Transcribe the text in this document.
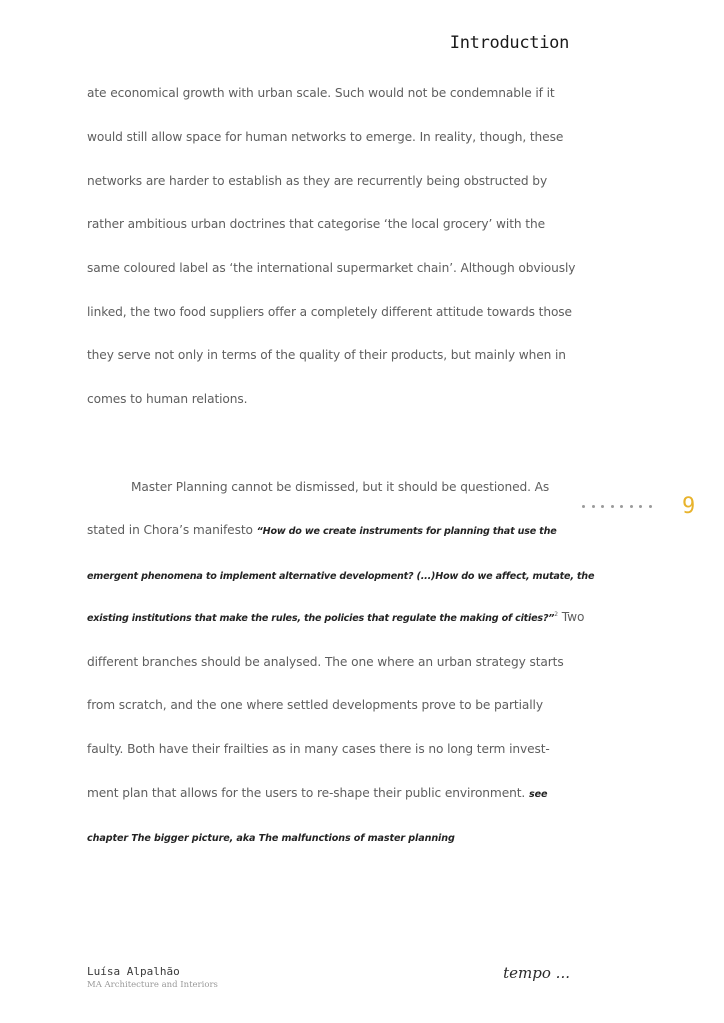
Introduction
ate economical growth with urban scale. Such would not be condemnable if it
would still allow space for human networks to emerge. In reality, though, these
networks are harder to establish as they are recurrently being obstructed by
rather ambitious urban doctrines that categorise ‘the local grocery’ with the
same coloured label as ‘the international supermarket chain’. Although obviously
linked, the two food suppliers offer a completely different attitude towards those
they serve not only in terms of the quality of their products, but mainly when in
comes to human relations.
Master Planning cannot be dismissed, but it should be questioned. As
stated in Chora’s manifesto “How do we create instruments for planning that use the
emergent phenomena to implement alternative development? (...)How do we affect, mutate, the
existing institutions that make the rules, the policies that regulate the making of cities?”$^2$ Two
different branches should be analysed. The one where an urban strategy starts
from scratch, and the one where settled developments prove to be partially
faulty. Both have their frailties as in many cases there is no long term invest-
ment plan that allows for the users to re-shape their public environment. see
chapter The bigger picture, aka The malfunctions of master planning
9
Luísa Alpalhão
MA Architecture and Interiors
tempo ...
